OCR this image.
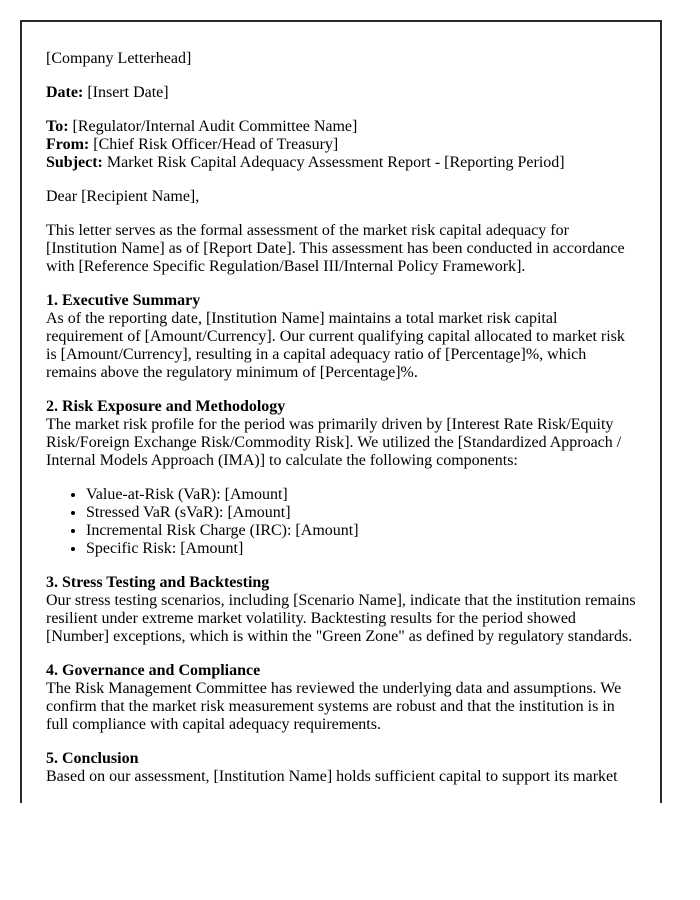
[Company Letterhead]

Date: [Insert Date]

To: [Regulator/Internal Audit Committee Name]
From: [Chief Risk Officer/Head of Treasury]
Subject: Market Risk Capital Adequacy Assessment Report - [Reporting Period]

Dear [Recipient Name],

This letter serves as the formal assessment of the market risk capital adequacy for [Institution Name] as of [Report Date]. This assessment has been conducted in accordance with [Reference Specific Regulation/Basel III/Internal Policy Framework].

1. Executive Summary
As of the reporting date, [Institution Name] maintains a total market risk capital requirement of [Amount/Currency]. Our current qualifying capital allocated to market risk is [Amount/Currency], resulting in a capital adequacy ratio of [Percentage]%, which remains above the regulatory minimum of [Percentage]%.

2. Risk Exposure and Methodology
The market risk profile for the period was primarily driven by [Interest Rate Risk/Equity Risk/Foreign Exchange Risk/Commodity Risk]. We utilized the [Standardized Approach / Internal Models Approach (IMA)] to calculate the following components:

• Value-at-Risk (VaR): [Amount]
• Stressed VaR (sVaR): [Amount]
• Incremental Risk Charge (IRC): [Amount]
• Specific Risk: [Amount]

3. Stress Testing and Backtesting
Our stress testing scenarios, including [Scenario Name], indicate that the institution remains resilient under extreme market volatility. Backtesting results for the period showed [Number] exceptions, which is within the "Green Zone" as defined by regulatory standards.

4. Governance and Compliance
The Risk Management Committee has reviewed the underlying data and assumptions. We confirm that the market risk measurement systems are robust and that the institution is in full compliance with capital adequacy requirements.

5. Conclusion
Based on our assessment, [Institution Name] holds sufficient capital to support its market
